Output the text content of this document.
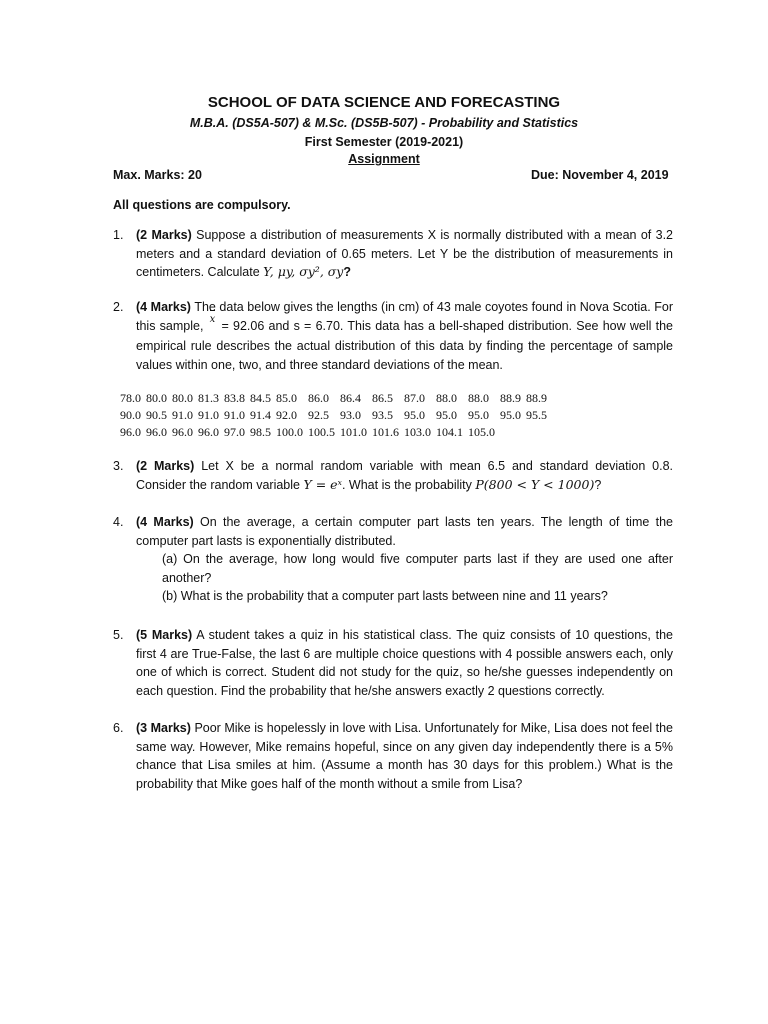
SCHOOL OF DATA SCIENCE AND FORECASTING
M.B.A. (DS5A-507) & M.Sc. (DS5B-507) - Probability and Statistics
First Semester (2019-2021)
Assignment
Max. Marks: 20	Due: November 4, 2019
All questions are compulsory.
1.	(2 Marks) Suppose a distribution of measurements X is normally distributed with a mean of 3.2 meters and a standard deviation of 0.65 meters. Let Y be the distribution of measurements in centimeters. Calculate Y, μy, σy², σy?
2.	(4 Marks) The data below gives the lengths (in cm) of 43 male coyotes found in Nova Scotia. For this sample, x = 92.06 and s = 6.70. This data has a bell-shaped distribution. See how well the empirical rule describes the actual distribution of this data by finding the percentage of sample values within one, two, and three standard deviations of the mean.
78.0	80.0	80.0	81.3	83.8	84.5	85.0	86.0	86.4	86.5	87.0	88.0	88.0	88.9	88.9
90.0	90.5	91.0	91.0	91.0	91.4	92.0	92.5	93.0	93.5	95.0	95.0	95.0	95.0	95.5
96.0	96.0	96.0	96.0	97.0	98.5	100.0	100.5	101.0	101.6	103.0	104.1	105.0		
3.	(2 Marks) Let X be a normal random variable with mean 6.5 and standard deviation 0.8. Consider the random variable Y = eˣ. What is the probability P(800 < Y < 1000)?
4.	(4 Marks) On the average, a certain computer part lasts ten years. The length of time the computer part lasts is exponentially distributed.
(a) On the average, how long would five computer parts last if they are used one after another?
(b) What is the probability that a computer part lasts between nine and 11 years?
5.	(5 Marks) A student takes a quiz in his statistical class. The quiz consists of 10 questions, the first 4 are True-False, the last 6 are multiple choice questions with 4 possible answers each, only one of which is correct. Student did not study for the quiz, so he/she guesses independently on each question. Find the probability that he/she answers exactly 2 questions correctly.
6.	(3 Marks) Poor Mike is hopelessly in love with Lisa. Unfortunately for Mike, Lisa does not feel the same way. However, Mike remains hopeful, since on any given day independently there is a 5% chance that Lisa smiles at him. (Assume a month has 30 days for this problem.) What is the probability that Mike goes half of the month without a smile from Lisa?
